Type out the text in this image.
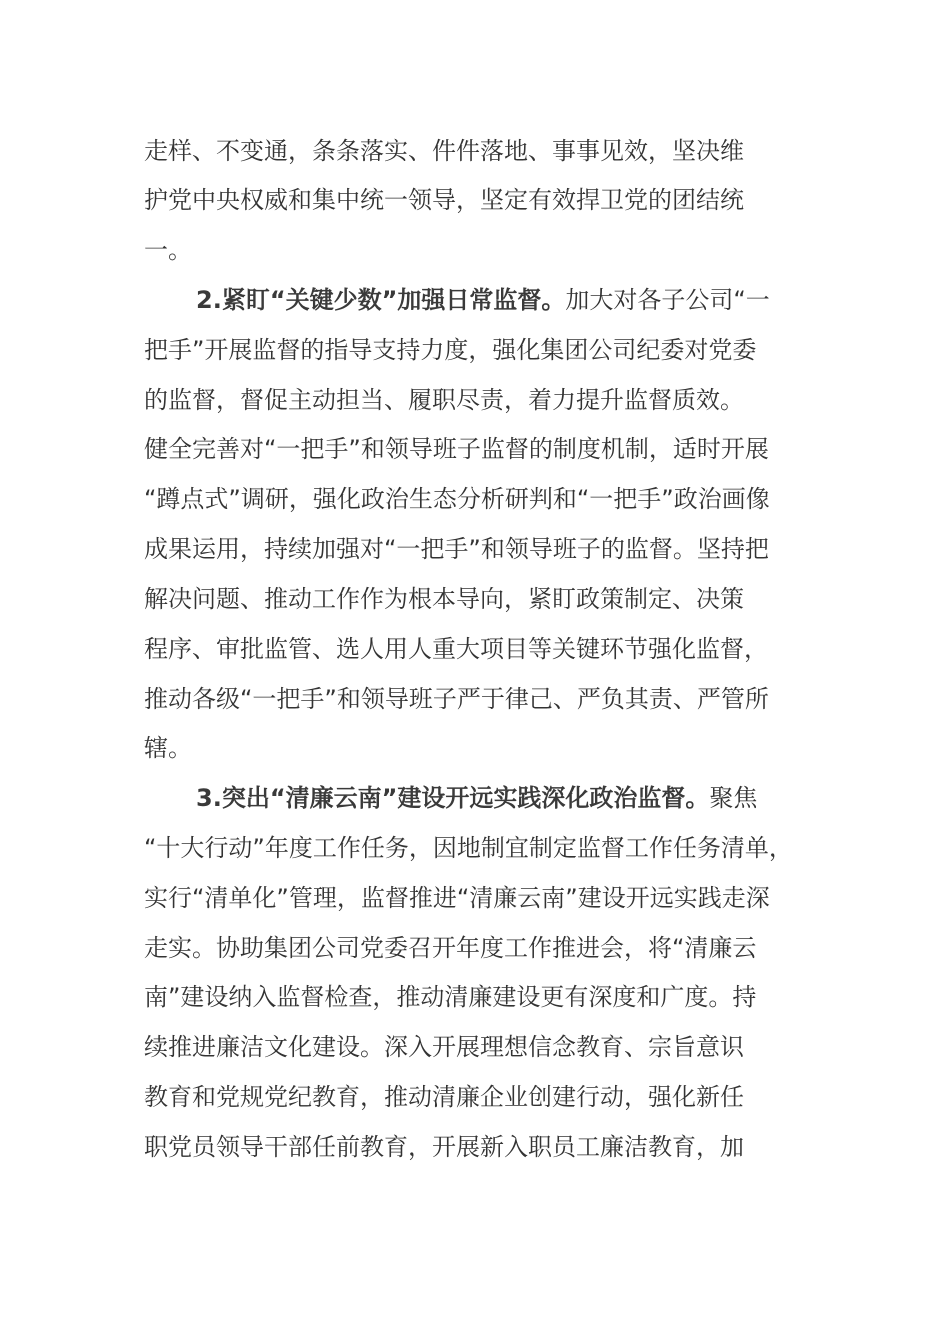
走样、不变通，条条落实、件件落地、事事见效，坚决维
护党中央权威和集中统一领导，坚定有效捍卫党的团结统
一。
2.紧盯“关键少数”加强日常监督。加大对各子公司“一
把手”开展监督的指导支持力度，强化集团公司纪委对党委
的监督，督促主动担当、履职尽责，着力提升监督质效。
健全完善对“一把手”和领导班子监督的制度机制，适时开展
“蹲点式”调研，强化政治生态分析研判和“一把手”政治画像
成果运用，持续加强对“一把手”和领导班子的监督。坚持把
解决问题、推动工作作为根本导向，紧盯政策制定、决策
程序、审批监管、选人用人重大项目等关键环节强化监督，
推动各级“一把手”和领导班子严于律己、严负其责、严管所
辖。
3.突出“清廉云南”建设开远实践深化政治监督。聚焦
“十大行动”年度工作任务，因地制宜制定监督工作任务清单，
实行“清单化”管理，监督推进“清廉云南”建设开远实践走深
走实。协助集团公司党委召开年度工作推进会，将“清廉云
南”建设纳入监督检查，推动清廉建设更有深度和广度。持
续推进廉洁文化建设。深入开展理想信念教育、宗旨意识
教育和党规党纪教育，推动清廉企业创建行动，强化新任
职党员领导干部任前教育，开展新入职员工廉洁教育，加
